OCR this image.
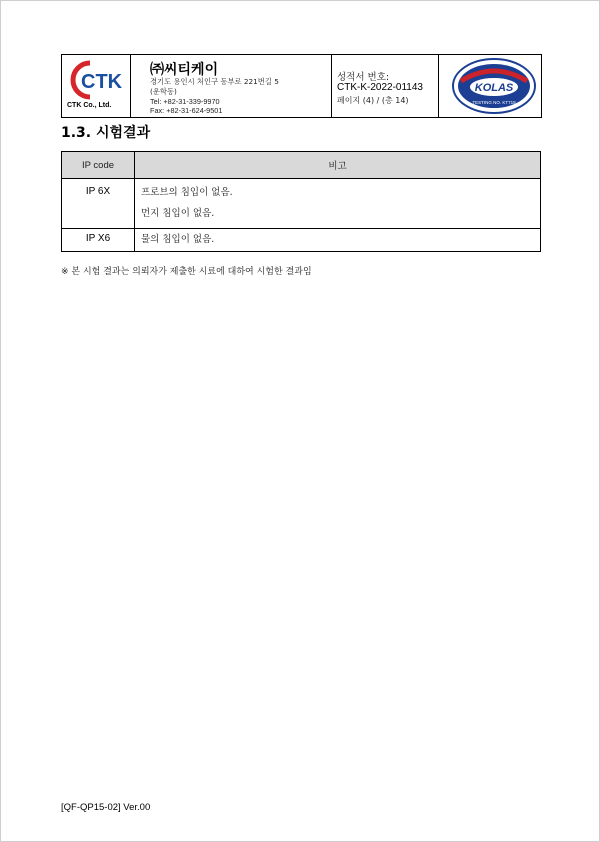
CTK
CTK Co., Ltd.
㈜씨티케이
경기도 용인시 처인구 동부로 221번길 5
(운학동)
Tel: +82-31-339-9970
Fax: +82-31-624-9501
성적서 번호:
CTK-K-2022-01143
페이지 (4) / (총 14)
KOLAS
TESTING NO. KT719
1.3. 시험결과
IP code	비고
IP 6X	프로브의 침입이 없음.
먼지 침입이 없음.

IP X6	물의 침입이 없음.
※ 본 시험 결과는 의뢰자가 제출한 시료에 대하여 시험한 결과임
[QF-QP15-02] Ver.00
